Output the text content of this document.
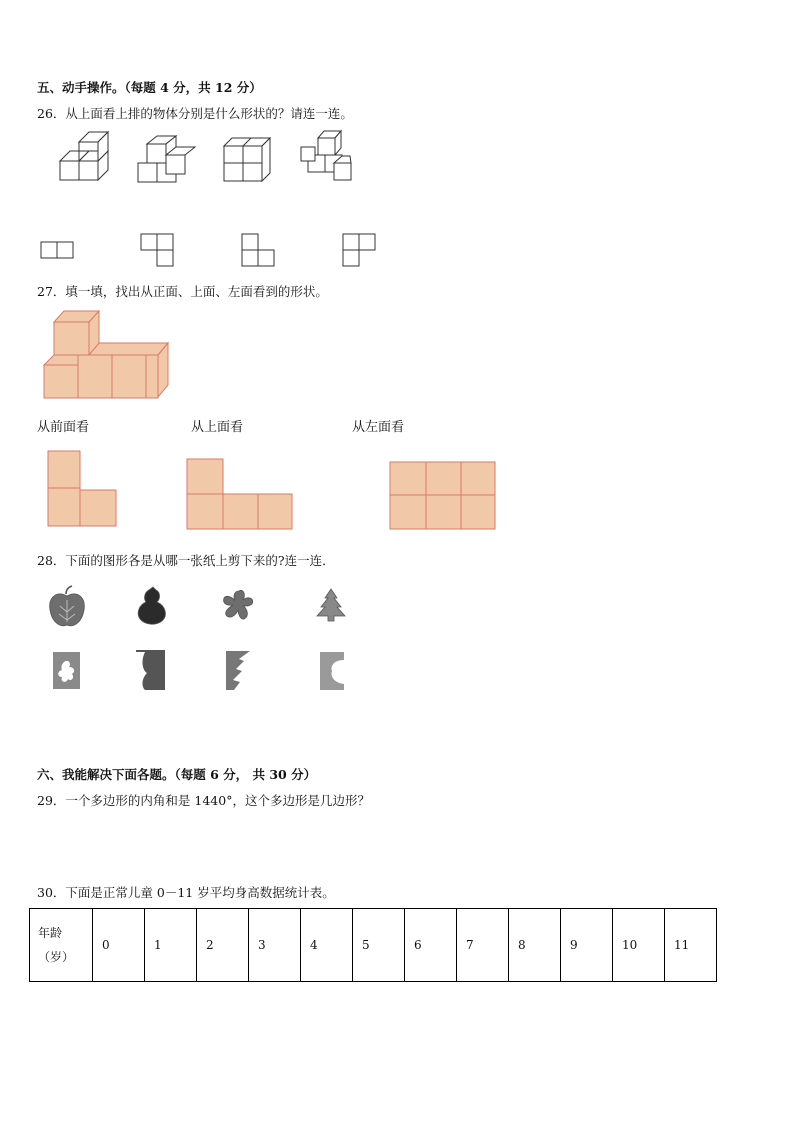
五、动手操作。（每题 4 分，共 12 分）
26．从上面看上排的物体分别是什么形状的？请连一连。
27．填一填，找出从正面、上面、左面看到的形状。
从前面看	从上面看	从左面看
28．下面的图形各是从哪一张纸上剪下来的?连一连．
六、我能解决下面各题。（每题 6 分， 共 30 分）
29．一个多边形的内角和是 1440°，这个多边形是几边形？
30．下面是正常儿童 0－11 岁平均身高数据统计表。
年龄
（岁）
	0	1	2	3	4	5	6	7	8	9	10	11
